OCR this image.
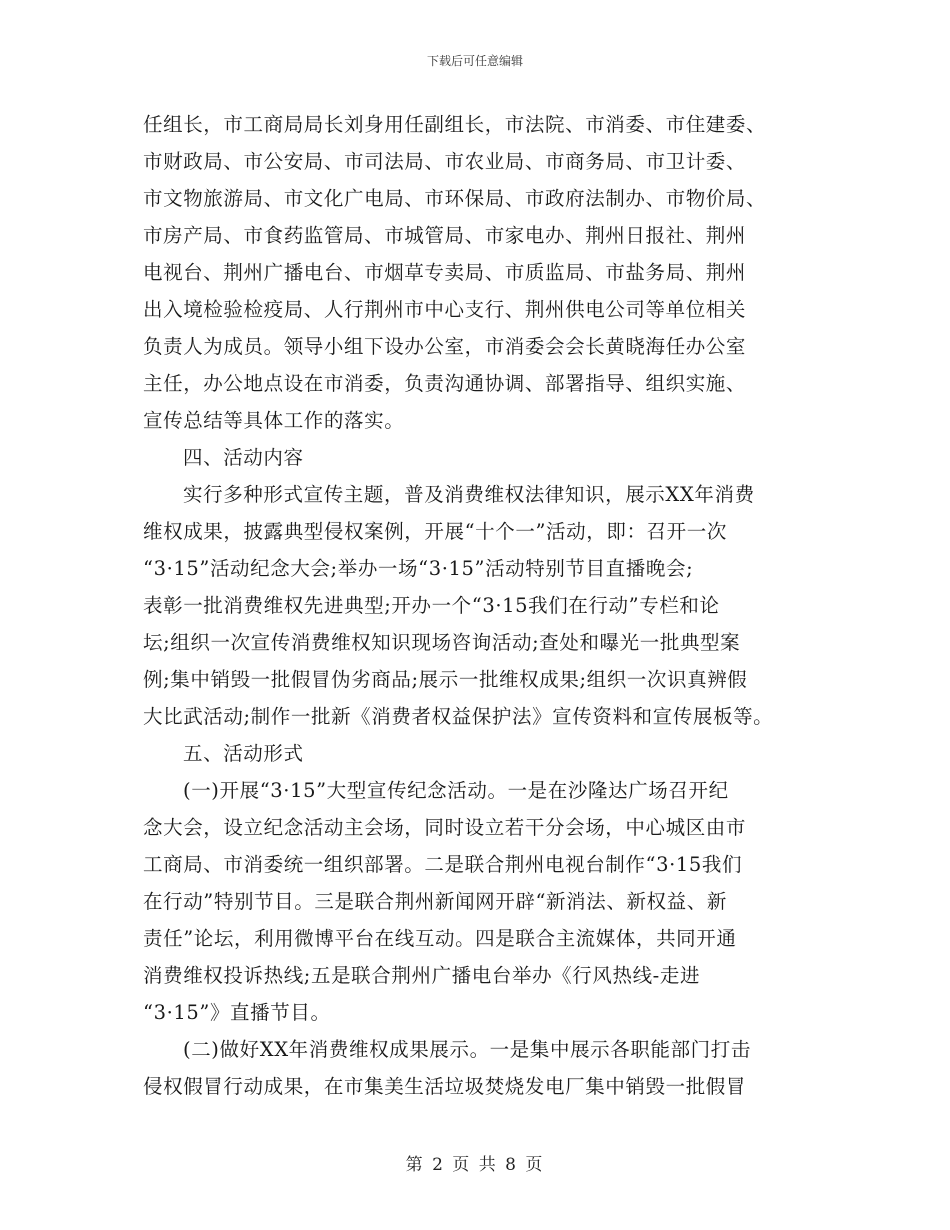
下载后可任意编辑
任组长，市工商局局长刘身用任副组长，市法院、市消委、市住建委、
市财政局、市公安局、市司法局、市农业局、市商务局、市卫计委、
市文物旅游局、市文化广电局、市环保局、市政府法制办、市物价局、
市房产局、市食药监管局、市城管局、市家电办、荆州日报社、荆州
电视台、荆州广播电台、市烟草专卖局、市质监局、市盐务局、荆州
出入境检验检疫局、人行荆州市中心支行、荆州供电公司等单位相关
负责人为成员。领导小组下设办公室，市消委会会长黄晓海任办公室
主任，办公地点设在市消委，负责沟通协调、部署指导、组织实施、
宣传总结等具体工作的落实。
四、活动内容
实行多种形式宣传主题，普及消费维权法律知识，展示XX年消费
维权成果，披露典型侵权案例，开展“十个一”活动，即：召开一次
“3·15”活动纪念大会;举办一场“3·15”活动特别节目直播晚会;
表彰一批消费维权先进典型;开办一个“3·15我们在行动”专栏和论
坛;组织一次宣传消费维权知识现场咨询活动;查处和曝光一批典型案
例;集中销毁一批假冒伪劣商品;展示一批维权成果;组织一次识真辨假
大比武活动;制作一批新《消费者权益保护法》宣传资料和宣传展板等。
五、活动形式
(一)开展“3·15”大型宣传纪念活动。一是在沙隆达广场召开纪
念大会，设立纪念活动主会场，同时设立若干分会场，中心城区由市
工商局、市消委统一组织部署。二是联合荆州电视台制作“3·15我们
在行动”特别节目。三是联合荆州新闻网开辟“新消法、新权益、新
责任”论坛，利用微博平台在线互动。四是联合主流媒体，共同开通
消费维权投诉热线;五是联合荆州广播电台举办《行风热线-走进
“3·15”》直播节目。
(二)做好XX年消费维权成果展示。一是集中展示各职能部门打击
侵权假冒行动成果，在市集美生活垃圾焚烧发电厂集中销毁一批假冒
第 2 页 共 8 页
